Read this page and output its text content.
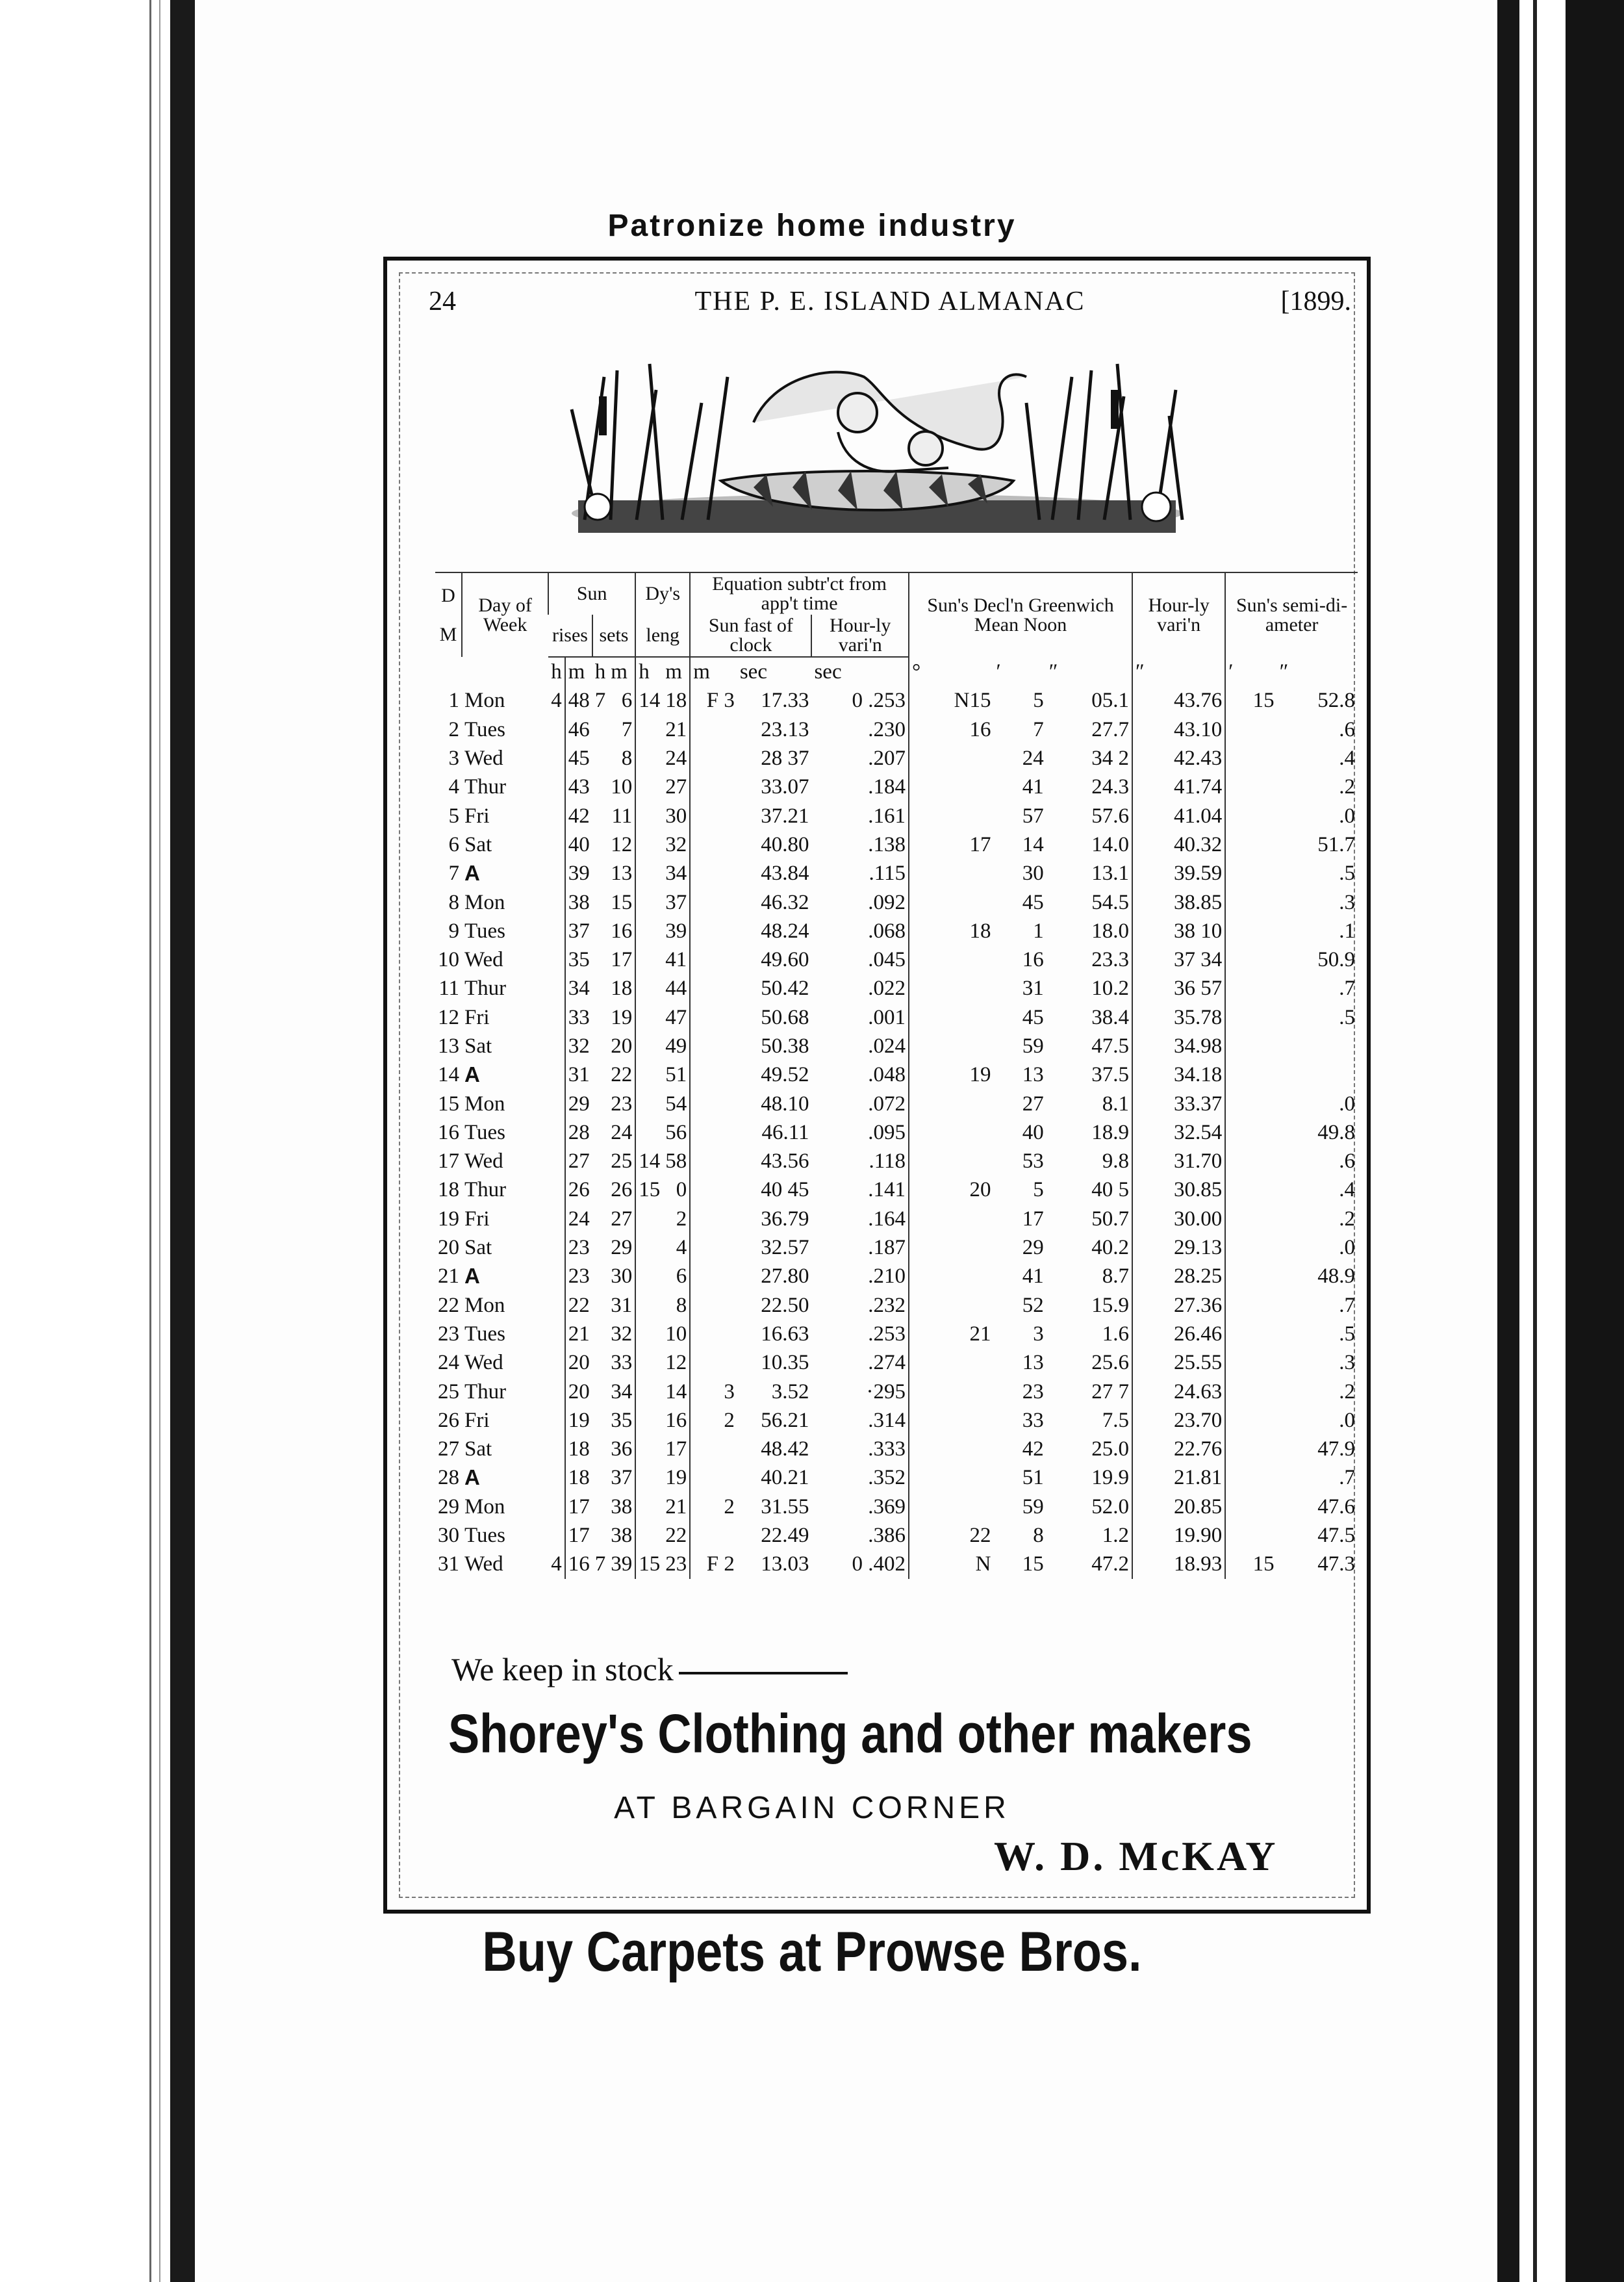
Patronize home industry
24	THE P. E. ISLAND ALMANAC	[1899.
D

M	Day of Week	Sun				Dy's		Equation subtr'ct from app't time			Sun's Decl'n Greenwich Mean Noon			Hour-ly vari'n	Sun's semi-di-ameter	
		rises		sets		leng		Sun fast of clock		Hour-ly vari'n						
		h	m	h	m	h	m	m	sec	sec	°	′	″	″	′	″
1	Mon	4	48	7	6	14	18	F 3	17.33	0 .253	N15	5	05.1	43.76	15	52.8
2	Tues		46		7		21		23.13	.230	16	7	27.7	43.10		.6
3	Wed		45		8		24		28 37	.207		24	34 2	42.43		.4
4	Thur		43		10		27		33.07	.184		41	24.3	41.74		.2
5	Fri		42		11		30		37.21	.161		57	57.6	41.04		.0
6	Sat		40		12		32		40.80	.138	17	14	14.0	40.32		51.7
7	A		39		13		34		43.84	.115		30	13.1	39.59		.5
8	Mon		38		15		37		46.32	.092		45	54.5	38.85		.3
9	Tues		37		16		39		48.24	.068	18	1	18.0	38 10		.1
10	Wed		35		17		41		49.60	.045		16	23.3	37 34		50.9
11	Thur		34		18		44		50.42	.022		31	10.2	36 57		.7
12	Fri		33		19		47		50.68	.001		45	38.4	35.78		.5
13	Sat		32		20		49		50.38	.024		59	47.5	34.98		
14	A		31		22		51		49.52	.048	19	13	37.5	34.18		
15	Mon		29		23		54		48.10	.072		27	8.1	33.37		.0
16	Tues		28		24		56		46.11	.095		40	18.9	32.54		49.8
17	Wed		27		25	14	58		43.56	.118		53	9.8	31.70		.6
18	Thur		26		26	15	0		40 45	.141	20	5	40 5	30.85		.4
19	Fri		24		27		2		36.79	.164		17	50.7	30.00		.2
20	Sat		23		29		4		32.57	.187		29	40.2	29.13		.0
21	A		23		30		6		27.80	.210		41	8.7	28.25		48.9
22	Mon		22		31		8		22.50	.232		52	15.9	27.36		.7
23	Tues		21		32		10		16.63	.253	21	3	1.6	26.46		.5
24	Wed		20		33		12		10.35	.274		13	25.6	25.55		.3
25	Thur		20		34		14	3	3.52	·295		23	27 7	24.63		.2
26	Fri		19		35		16	2	56.21	.314		33	7.5	23.70		.0
27	Sat		18		36		17		48.42	.333		42	25.0	22.76		47.9
28	A		18		37		19		40.21	.352		51	19.9	21.81		.7
29	Mon		17		38		21	2	31.55	.369		59	52.0	20.85		47.6
30	Tues		17		38		22		22.49	.386	22	8	1.2	19.90		47.5
31	Wed	4	16	7	39	15	23	F 2	13.03	0 .402	N	15	47.2	18.93	15	47.3
We keep in stock
Shorey's Clothing and other makers
AT BARGAIN CORNER
W. D. McKAY
Buy Carpets at Prowse Bros.
